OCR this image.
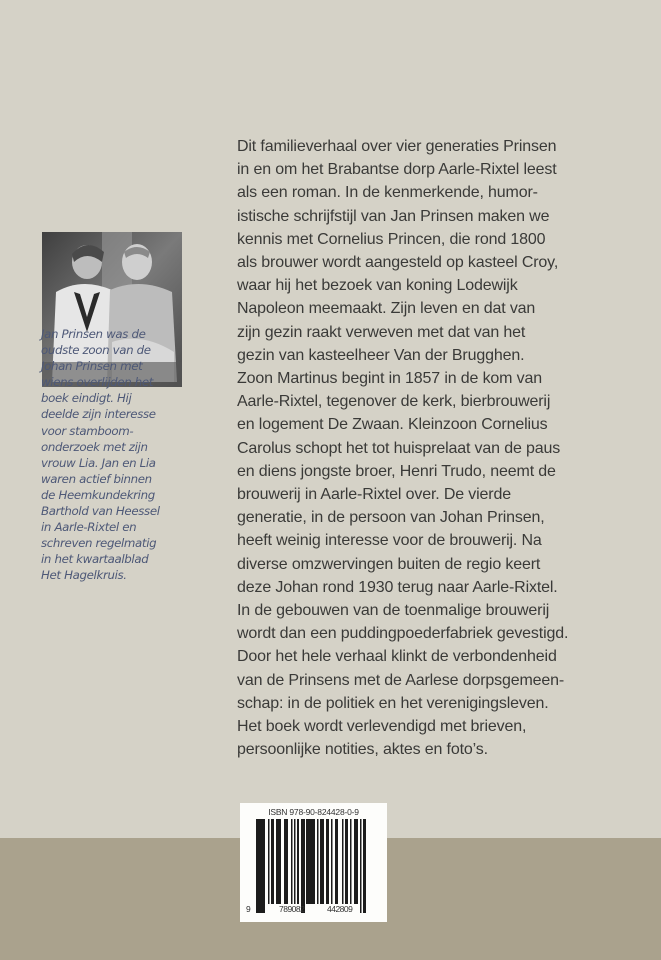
Jan Prinsen was de
oudste zoon van de
Johan Prinsen met
wiens overlijden het
boek eindigt. Hij
deelde zijn interesse
voor stamboom-
onderzoek met zijn
vrouw Lia. Jan en Lia
waren actief binnen
de Heemkundekring
Barthold van Heessel
in Aarle-Rixtel en
schreven regelmatig
in het kwartaalblad
Het Hagelkruis.
Dit familieverhaal over vier generaties Prinsen
in en om het Brabantse dorp Aarle-Rixtel leest
als een roman. In de kenmerkende, humor-
istische schrijfstijl van Jan Prinsen maken we
kennis met Cornelius Princen, die rond 1800
als brouwer wordt aangesteld op kasteel Croy,
waar hij het bezoek van koning Lodewijk
Napoleon meemaakt. Zijn leven en dat van
zijn gezin raakt verweven met dat van het
gezin van kasteelheer Van der Brugghen.
Zoon Martinus begint in 1857 in de kom van
Aarle-Rixtel, tegenover de kerk, bierbrouwerij
en logement De Zwaan. Kleinzoon Cornelius
Carolus schopt het tot huisprelaat van de paus
en diens jongste broer, Henri Trudo, neemt de
brouwerij in Aarle-Rixtel over. De vierde
generatie, in de persoon van Johan Prinsen,
heeft weinig interesse voor de brouwerij. Na
diverse omzwervingen buiten de regio keert
deze Johan rond 1930 terug naar Aarle-Rixtel.
In de gebouwen van de toenmalige brouwerij
wordt dan een puddingpoederfabriek gevestigd.
Door het hele verhaal klinkt de verbondenheid
van de Prinsens met de Aarlese dorpsgemeen-
schap: in de politiek en het verenigingsleven.
Het boek wordt verlevendigd met brieven,
persoonlijke notities, aktes en foto’s.
ISBN 978-90-824428-0-9
9	789082	442809
